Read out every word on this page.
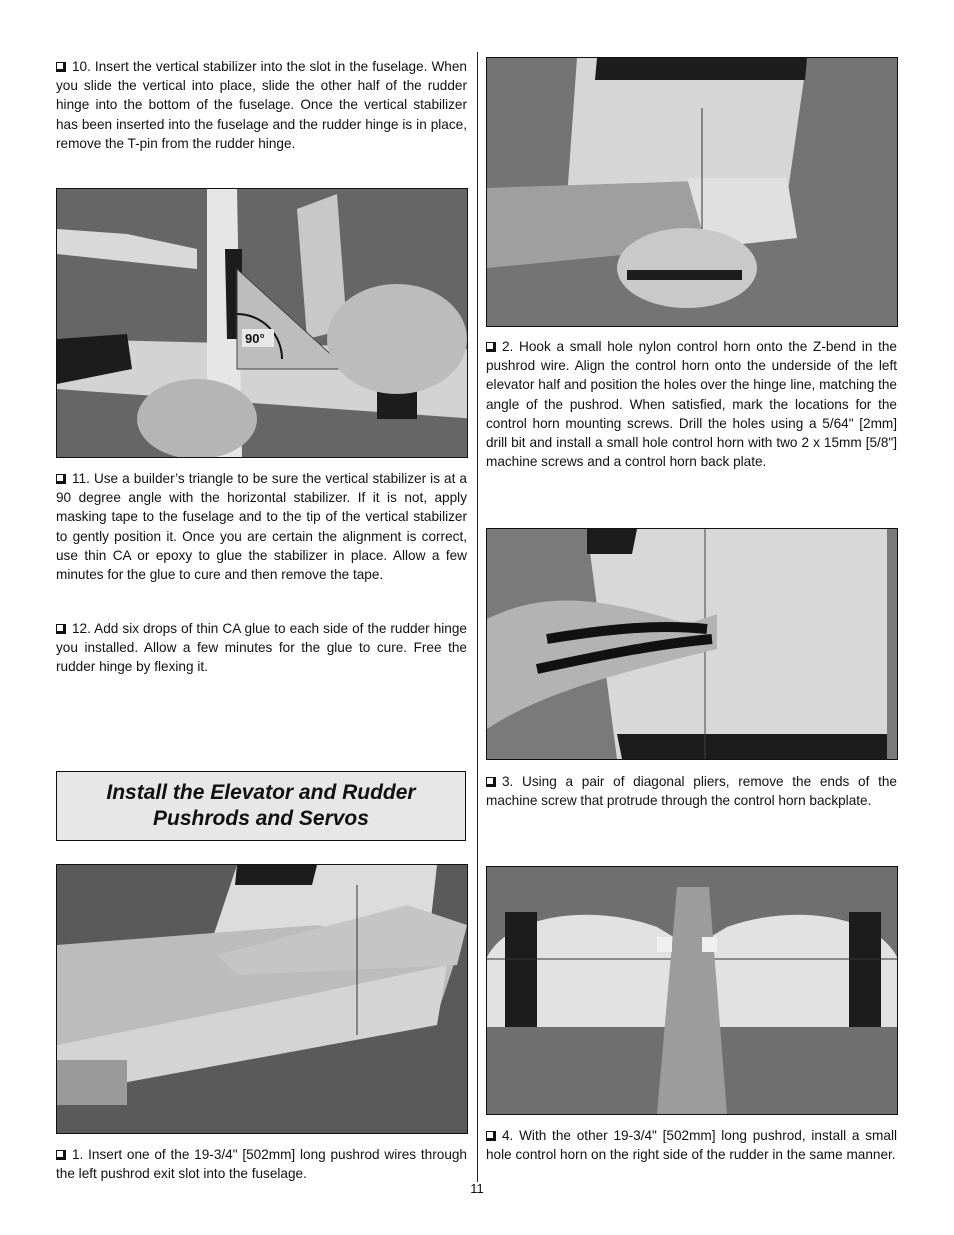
10. Insert the vertical stabilizer into the slot in the fuselage. When you slide the vertical into place, slide the other half of the rudder hinge into the bottom of the fuselage. Once the vertical stabilizer has been inserted into the fuselage and the rudder hinge is in place, remove the T-pin from the rudder hinge.

90°

11. Use a builder’s triangle to be sure the vertical stabilizer is at a 90 degree angle with the horizontal stabilizer. If it is not, apply masking tape to the fuselage and to the tip of the vertical stabilizer to gently position it. Once you are certain the alignment is correct, use thin CA or epoxy to glue the stabilizer in place. Allow a few minutes for the glue to cure and then remove the tape.

12. Add six drops of thin CA glue to each side of the rudder hinge you installed. Allow a few minutes for the glue to cure. Free the rudder hinge by flexing it.

Install the Elevator and Rudder
Pushrods and Servos

1. Insert one of the 19-3/4" [502mm] long pushrod wires through the left pushrod exit slot into the fuselage.

2. Hook a small hole nylon control horn onto the Z-bend in the pushrod wire. Align the control horn onto the underside of the left elevator half and position the holes over the hinge line, matching the angle of the pushrod. When satisfied, mark the locations for the control horn mounting screws. Drill the holes using a 5/64" [2mm] drill bit and install a small hole control horn with two 2 x 15mm [5/8"] machine screws and a control horn back plate.

3. Using a pair of diagonal pliers, remove the ends of the machine screw that protrude through the control horn backplate.

4. With the other 19-3/4" [502mm] long pushrod, install a small hole control horn on the right side of the rudder in the same manner.

11
